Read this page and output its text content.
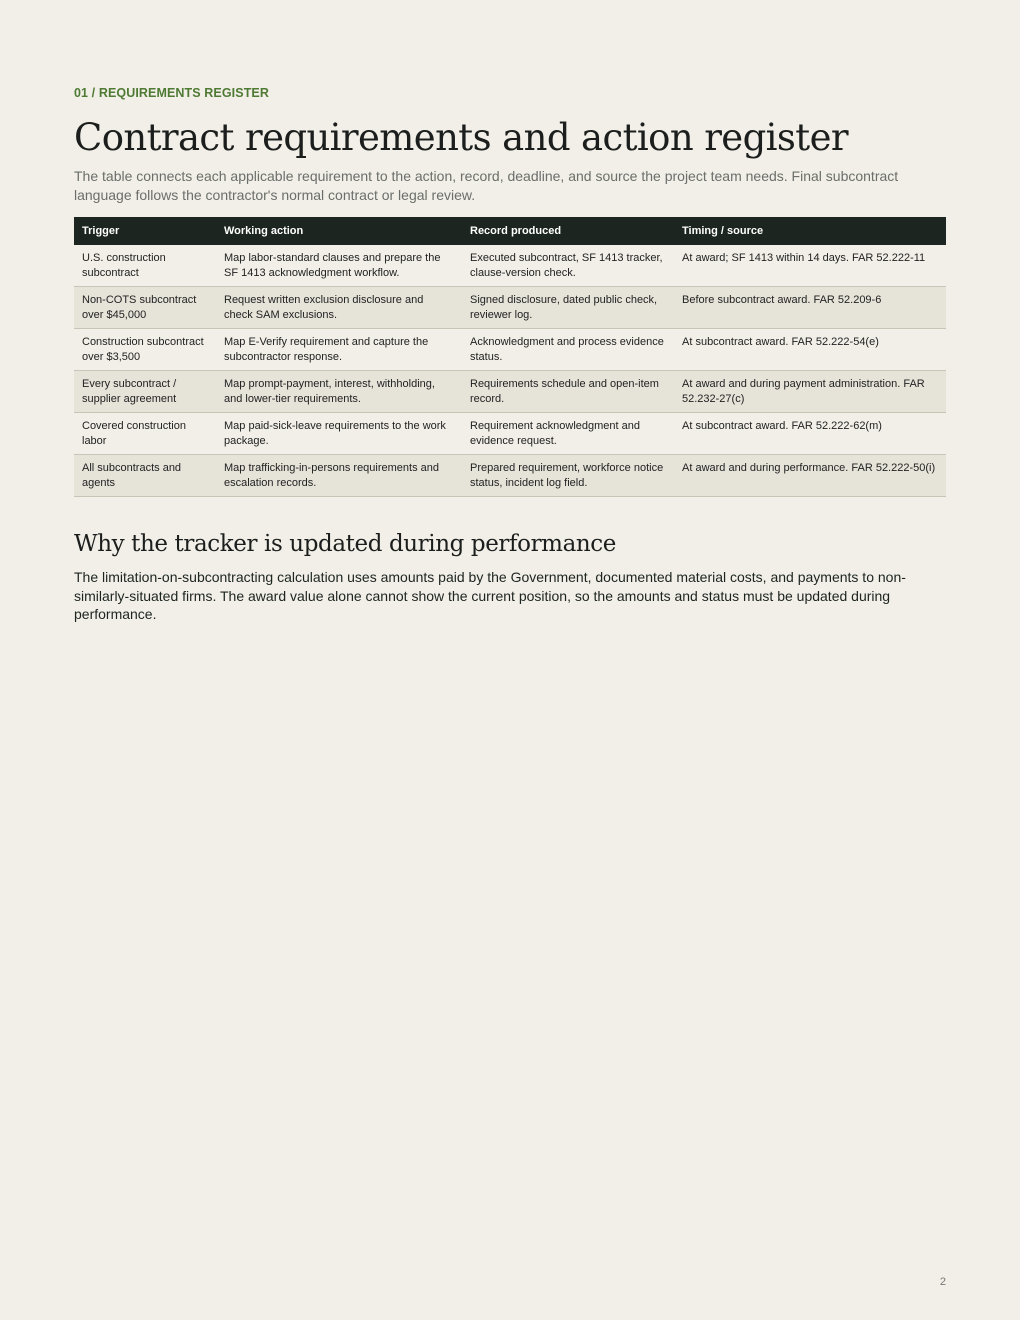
01 / REQUIREMENTS REGISTER
Contract requirements and action register

The table connects each applicable requirement to the action, record, deadline, and source the project team needs. Final subcontract language follows the contractor's normal contract or legal review.

Trigger	Working action	Record produced	Timing / source
U.S. construction subcontract	Map labor-standard clauses and prepare the SF 1413 acknowledgment workflow.	Executed subcontract, SF 1413 tracker, clause-version check.	At award; SF 1413 within 14 days. FAR 52.222-11
Non-COTS subcontract over $45,000	Request written exclusion disclosure and check SAM exclusions.	Signed disclosure, dated public check, reviewer log.	Before subcontract award. FAR 52.209-6
Construction subcontract over $3,500	Map E-Verify requirement and capture the subcontractor response.	Acknowledgment and process evidence status.	At subcontract award. FAR 52.222-54(e)
Every subcontract / supplier agreement	Map prompt-payment, interest, withholding, and lower-tier requirements.	Requirements schedule and open-item record.	At award and during payment administration. FAR 52.232-27(c)
Covered construction labor	Map paid-sick-leave requirements to the work package.	Requirement acknowledgment and evidence request.	At subcontract award. FAR 52.222-62(m)
All subcontracts and agents	Map trafficking-in-persons requirements and escalation records.	Prepared requirement, workforce notice status, incident log field.	At award and during performance. FAR 52.222-50(i)
Why the tracker is updated during performance

The limitation-on-subcontracting calculation uses amounts paid by the Government, documented material costs, and payments to non-similarly-situated firms. The award value alone cannot show the current position, so the amounts and status must be updated during performance.

2
